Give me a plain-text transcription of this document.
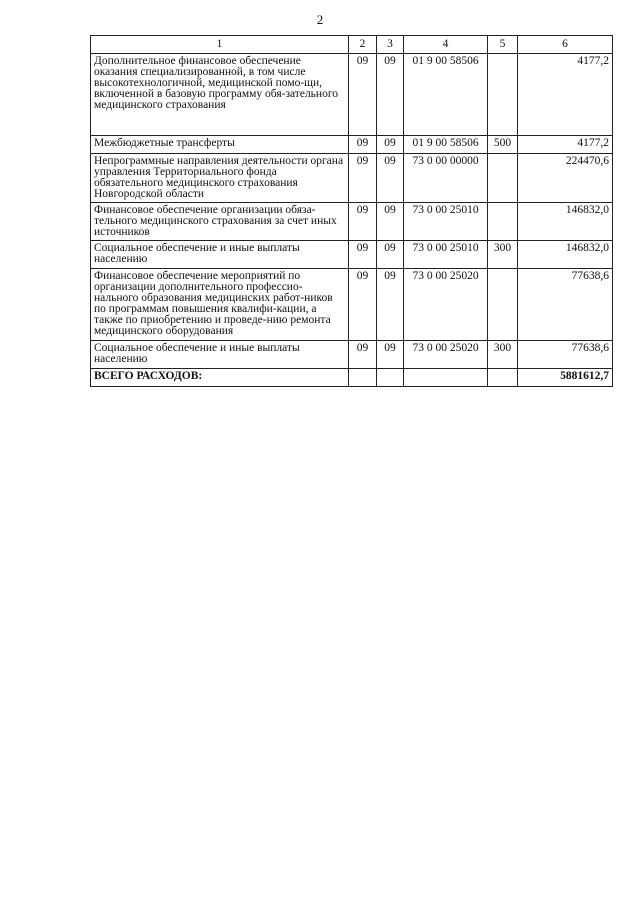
2
1	2	3	4	5	6
Дополнительное финансовое обеспечение оказания специализированной, в том числе высокотехнологичной, медицинской помо-щи, включенной в базовую программу обя-зательного медицинского страхования	09	09	01 9 00 58506		4177,2
Межбюджетные трансферты	09	09	01 9 00 58506	500	4177,2
Непрограммные направления деятельности органа управления Территориального фонда обязательного медицинского страхования Новгородской области	09	09	73 0 00 00000		224470,6
Финансовое обеспечение организации обяза-тельного медицинского страхования за счет иных источников	09	09	73 0 00 25010		146832,0
Социальное обеспечение и иные выплаты населению	09	09	73 0 00 25010	300	146832,0
Финансовое обеспечение мероприятий по организации дополнительного профессио-нального образования медицинских работ-ников по программам повышения квалифи-кации, а также по приобретению и проведе-нию ремонта медицинского оборудования	09	09	73 0 00 25020		77638,6
Социальное обеспечение и иные выплаты населению	09	09	73 0 00 25020	300	77638,6
ВСЕГО РАСХОДОВ:					5881612,7
